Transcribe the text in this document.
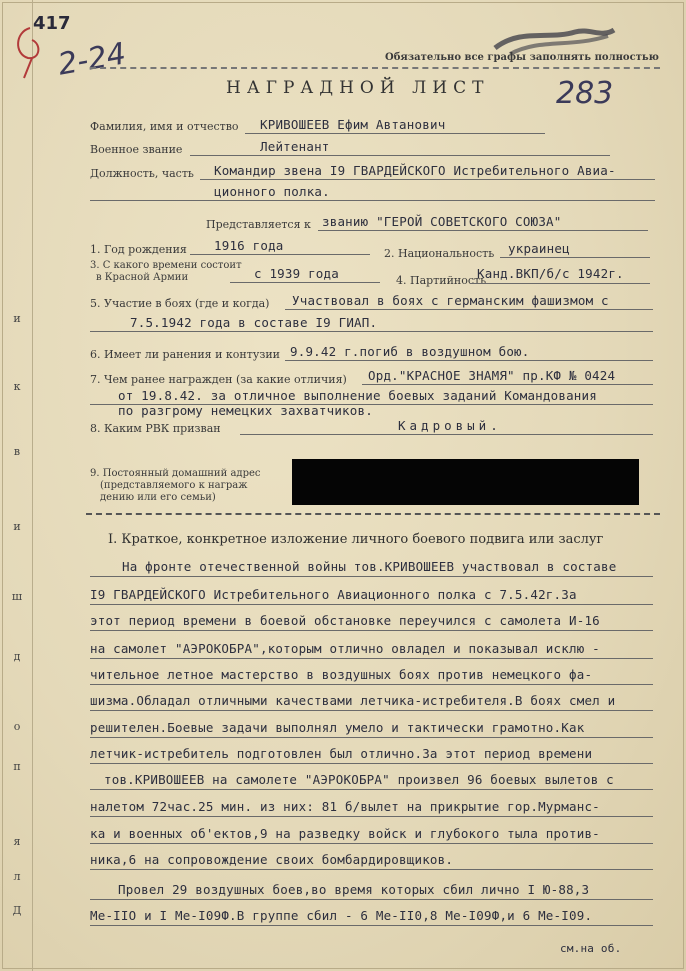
Д
л
я
п
о
д
ш
и
в
к
и
417
2-24
283
Обязательно все графы заполнять полностью
НАГРАДНОЙ ЛИСТ
Фамилия, имя и отчество КРИВОШЕЕВ Ефим Автанович
Военное звание	Лейтенант
Должность, часть Командир звена I9 ГВАРДЕЙСКОГО Истребительного Авиа-
ционного полка.
Представляется к званию "ГЕРОЙ СОВЕТСКОГО СОЮЗА"
1. Год рождения 1916 года
2. Национальность украинец
3. С какого времени состоит
в Красной Армии	с 1939 года	4. Партийность
Канд.ВКП/б/с 1942г.
5. Участие в боях (где и когда) Участвовал в боях с германским фашизмом с
7.5.1942 года в составе I9 ГИАП.
6. Имеет ли ранения и контузии 9.9.42 г.погиб в воздушном бою.
7. Чем ранее награжден (за какие отличия) Орд."КРАСНОЕ ЗНАМЯ" пр.КФ № 0424
от 19.8.42. за отличное выполнение боевых заданий Командования
по разгрому немецких захватчиков.
8. Каким РВК призван	Кадровый.
9. Постоянный домашний адрес
(представляемого к награж
дению или его семьи)
I. Краткое, конкретное изложение личного боевого подвига или заслуг
На фронте отечественной войны тов.КРИВОШЕЕВ участвовал в составе
I9 ГВАРДЕЙСКОГО Истребительного Авиационного полка с 7.5.42г.За
этот период времени в боевой обстановке переучился с самолета И-16
на самолет "АЭРОКОБРА",которым отлично овладел и показывал исклю -
чительное летное мастерство в воздушных боях против немецкого фа-
шизма.Обладал отличными качествами летчика-истребителя.В боях смел и
решителен.Боевые задачи выполнял умело и тактически грамотно.Как
летчик-истребитель подготовлен был отлично.За этот период времени
тов.КРИВОШЕЕВ на самолете "АЭРОКОБРА" произвел 96 боевых вылетов с
налетом 72час.25 мин. из них: 81 б/вылет на прикрытие гор.Мурманс-
ка и военных об'ектов,9 на разведку войск и глубокого тыла против-
ника,6 на сопровождение своих бомбардировщиков.
Провел 29 воздушных боев,во время которых сбил лично I Ю-88,3
Ме-IIO и I Ме-I09Ф.В группе сбил - 6 Ме-II0,8 Ме-I09Ф,и 6 Ме-I09.
см.на об.
